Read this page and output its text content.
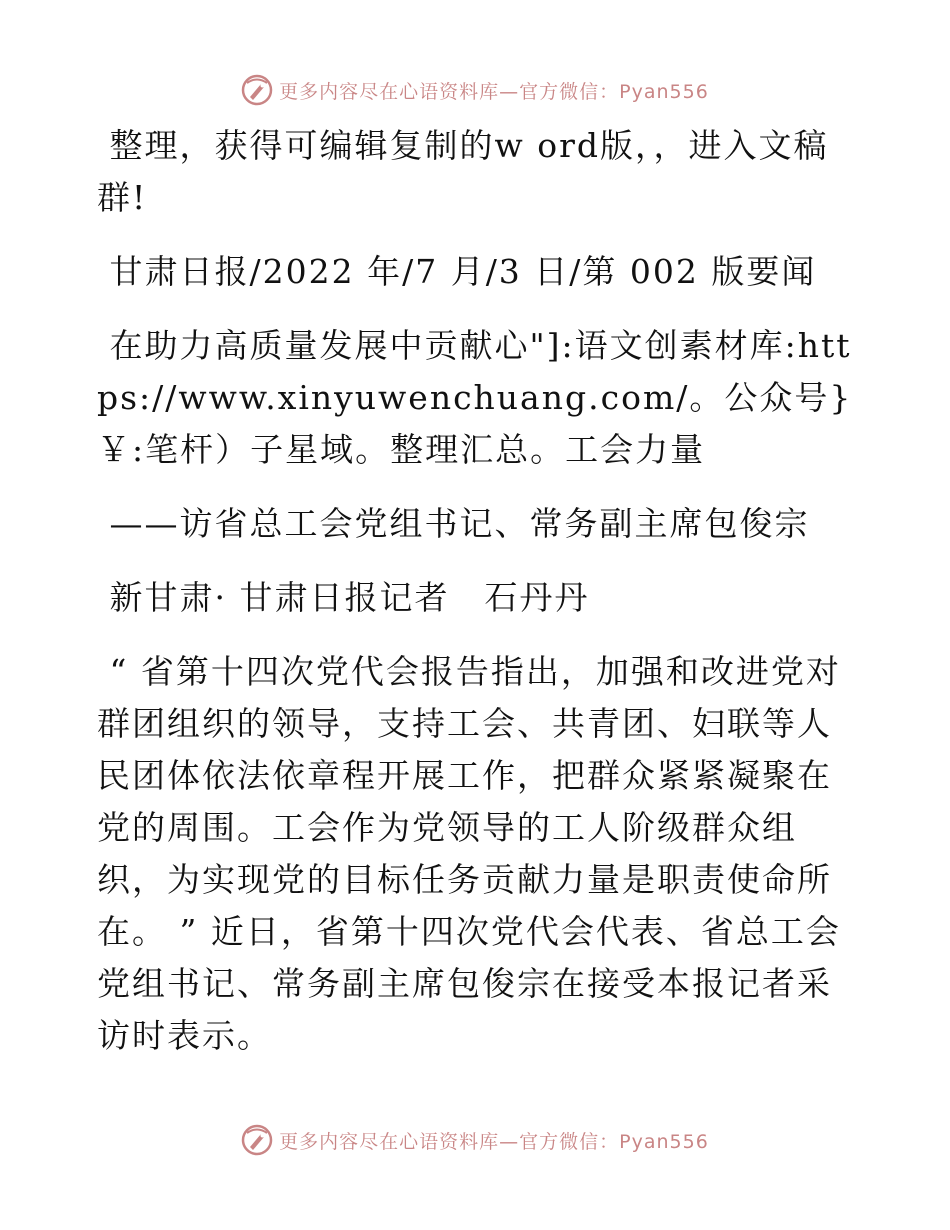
更多内容尽在心语资料库—官方微信：Pyan556

整理，获得可编辑复制的w ord版，，进入文稿群!

甘肃日报/2022 年/7 月/3 日/第 002 版要闻

在助力高质量发展中贡献心"]:语文创素材库:https://www.xinyuwenchuang.com/。公众号}￥:笔杆）子星域。整理汇总。工会力量

——访省总工会党组书记、常务副主席包俊宗

新甘肃· 甘肃日报记者　石丹丹

“ 省第十四次党代会报告指出，加强和改进党对群团组织的领导，支持工会、共青团、妇联等人民团体依法依章程开展工作，把群众紧紧凝聚在党的周围。工会作为党领导的工人阶级群众组织，为实现党的目标任务贡献力量是职责使命所在。 ” 近日，省第十四次党代会代表、省总工会党组书记、常务副主席包俊宗在接受本报记者采访时表示。

更多内容尽在心语资料库—官方微信：Pyan556
